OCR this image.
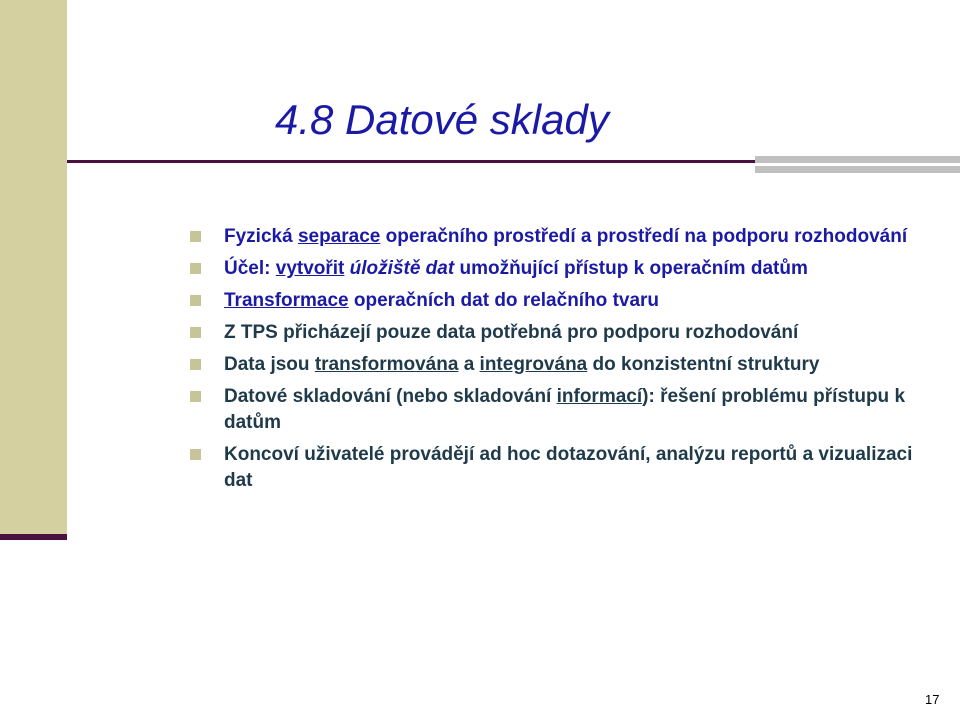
4.8 Datové sklady
Fyzická separace operačního prostředí a prostředí na podporu rozhodování
Účel: vytvořit úložiště dat umožňující přístup k operačním datům
Transformace operačních dat do relačního tvaru
Z TPS přicházejí pouze data potřebná pro podporu rozhodování
Data jsou transformována a integrována do konzistentní struktury
Datové skladování (nebo skladování informací): řešení problému přístupu k datům
Koncoví uživatelé provádějí ad hoc dotazování, analýzu reportů a vizualizaci dat
17
